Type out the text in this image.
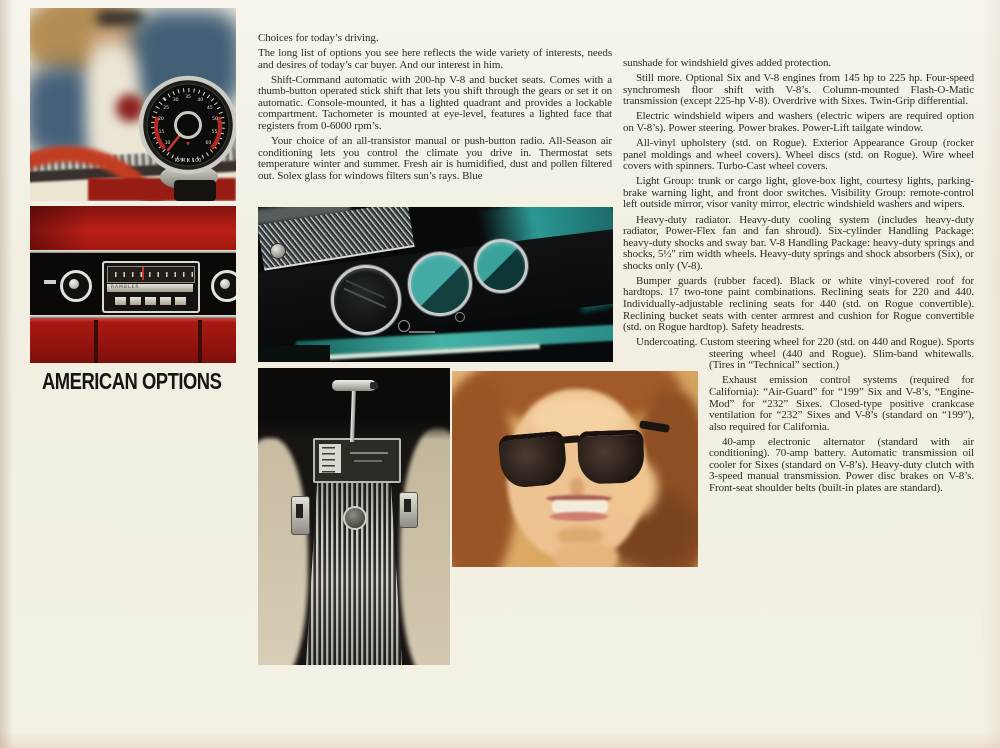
RPM X 100
10
15
20
25
30
35
40
45
50
55
60
RAMBLER
AMERICAN OPTIONS

Choices for today’s driving.

The long list of options you see here reflects the wide variety of interests, needs and desires of today’s car buyer. And our interest in him.

Shift-Command automatic with 200-hp V-8 and bucket seats. Comes with a thumb-button operated stick shift that lets you shift through the gears or set it on automatic. Console-mounted, it has a lighted quadrant and provides a lockable compartment. Tachometer is mounted at eye-level, features a lighted face that registers from 0-6000 rpm’s.

Your choice of an all-transistor manual or push-button radio. All-Season air conditioning lets you control the climate you drive in. Thermostat sets temperature winter and summer. Fresh air is humidified, dust and pollen filtered out. Solex glass for windows filters sun’s rays. Blue

sunshade for windshield gives added protection.

Still more. Optional Six and V-8 engines from 145 hp to 225 hp. Four-speed synchromesh floor shift with V-8’s. Column-mounted Flash-O-Matic transmission (except 225-hp V-8). Overdrive with Sixes. Twin-Grip differential.

Electric windshield wipers and washers (electric wipers are required option on V-8’s). Power steering. Power brakes. Power-Lift tailgate window.

All-vinyl upholstery (std. on Rogue). Exterior Appearance Group (rocker panel moldings and wheel covers). Wheel discs (std. on Rogue). Wire wheel covers with spinners. Turbo-Cast wheel covers.

Light Group: trunk or cargo light, glove-box light, courtesy lights, parking-brake warning light, and front door switches. Visibility Group: remote-control left outside mirror, visor vanity mirror, electric windshield washers and wipers.

Heavy-duty radiator. Heavy-duty cooling system (includes heavy-duty radiator, Power-Flex fan and fan shroud). Six-cylinder Handling Package: heavy-duty shocks and sway bar. V-8 Handling Package: heavy-duty springs and shocks, 5½″ rim width wheels. Heavy-duty springs and shock absorbers (Six), or shocks only (V-8).

Bumper guards (rubber faced). Black or white vinyl-covered roof for hardtops. 17 two-tone paint combinations. Reclining seats for 220 and 440. Individually-adjustable reclining seats for 440 (std. on Rogue convertible). Reclining bucket seats with center armrest and cushion for Rogue convertible (std. on Rogue hardtop). Safety headrests.

Undercoating. Custom steering wheel for 220 (std. on 440 and Rogue). Sports steering wheel (440 and Rogue). Slim-band whitewalls. (Tires in “Technical” section.)

Exhaust emission control systems (required for California): “Air-Guard” for “199” Six and V-8’s, “Engine-Mod” for “232” Sixes. Closed-type positive crankcase ventilation for “232” Sixes and V-8’s (standard on “199”), also required for California.

40-amp electronic alternator (standard with air conditioning). 70-amp battery. Automatic transmission oil cooler for Sixes (standard on V-8’s). Heavy-duty clutch with 3-speed manual transmission. Power disc brakes on V-8’s. Front-seat shoulder belts (built-in plates are standard).
